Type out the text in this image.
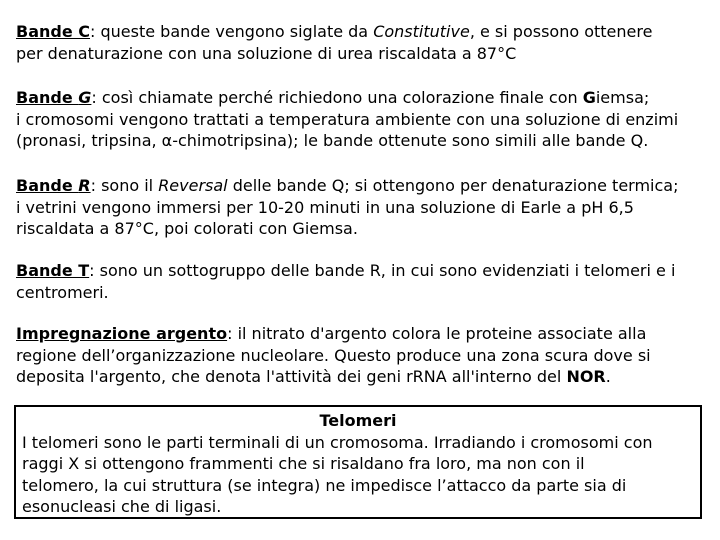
Bande C: queste bande vengono siglate da Constitutive, e si possono ottenere
per denaturazione con una soluzione di urea riscaldata a 87°C

Bande G: così chiamate perché richiedono una colorazione finale con Giemsa;
i cromosomi vengono trattati a temperatura ambiente con una soluzione di enzimi
(pronasi, tripsina, α-chimotripsina); le bande ottenute sono simili alle bande Q.

Bande R: sono il Reversal delle bande Q; si ottengono per denaturazione termica;
i vetrini vengono immersi per 10-20 minuti in una soluzione di Earle a pH 6,5
riscaldata a 87°C, poi colorati con Giemsa.

Bande T: sono un sottogruppo delle bande R, in cui sono evidenziati i telomeri e i
centromeri.

Impregnazione argento: il nitrato d'argento colora le proteine associate alla
regione dell’organizzazione nucleolare. Questo produce una zona scura dove si
deposita l'argento, che denota l'attività dei geni rRNA all'interno del NOR.

Telomeri
I telomeri sono le parti terminali di un cromosoma. Irradiando i cromosomi con
raggi X si ottengono frammenti che si risaldano fra loro, ma non con il
telomero, la cui struttura (se integra) ne impedisce l’attacco da parte sia di
esonucleasi che di ligasi.
